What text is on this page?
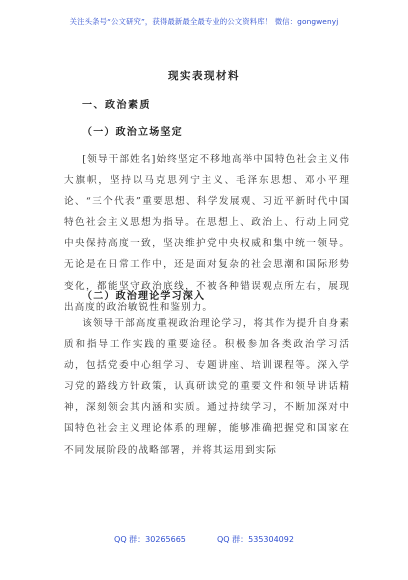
关注头条号“公文研究”，获得最新最全最专业的公文资料库！ 微信：gongwenyj
现实表现材料
一、政治素质
（一）政治立场坚定
[领导干部姓名]始终坚定不移地高举中国特色社会主义伟大旗帜，坚持以马克思列宁主义、毛泽东思想、邓小平理论、“三个代表”重要思想、科学发展观、习近平新时代中国特色社会主义思想为指导。在思想上、政治上、行动上同党中央保持高度一致，坚决维护党中央权威和集中统一领导。无论是在日常工作中，还是面对复杂的社会思潮和国际形势变化，都能坚守政治底线，不被各种错误观点所左右，展现出高度的政治敏锐性和鉴别力。
（二）政治理论学习深入
该领导干部高度重视政治理论学习，将其作为提升自身素质和指导工作实践的重要途径。积极参加各类政治学习活动，包括党委中心组学习、专题讲座、培训课程等。深入学习党的路线方针政策，认真研读党的重要文件和领导讲话精神，深刻领会其内涵和实质。通过持续学习，不断加深对中国特色社会主义理论体系的理解，能够准确把握党和国家在不同发展阶段的战略部署，并将其运用到实际
QQ 群：30265665	QQ 群：535304092
